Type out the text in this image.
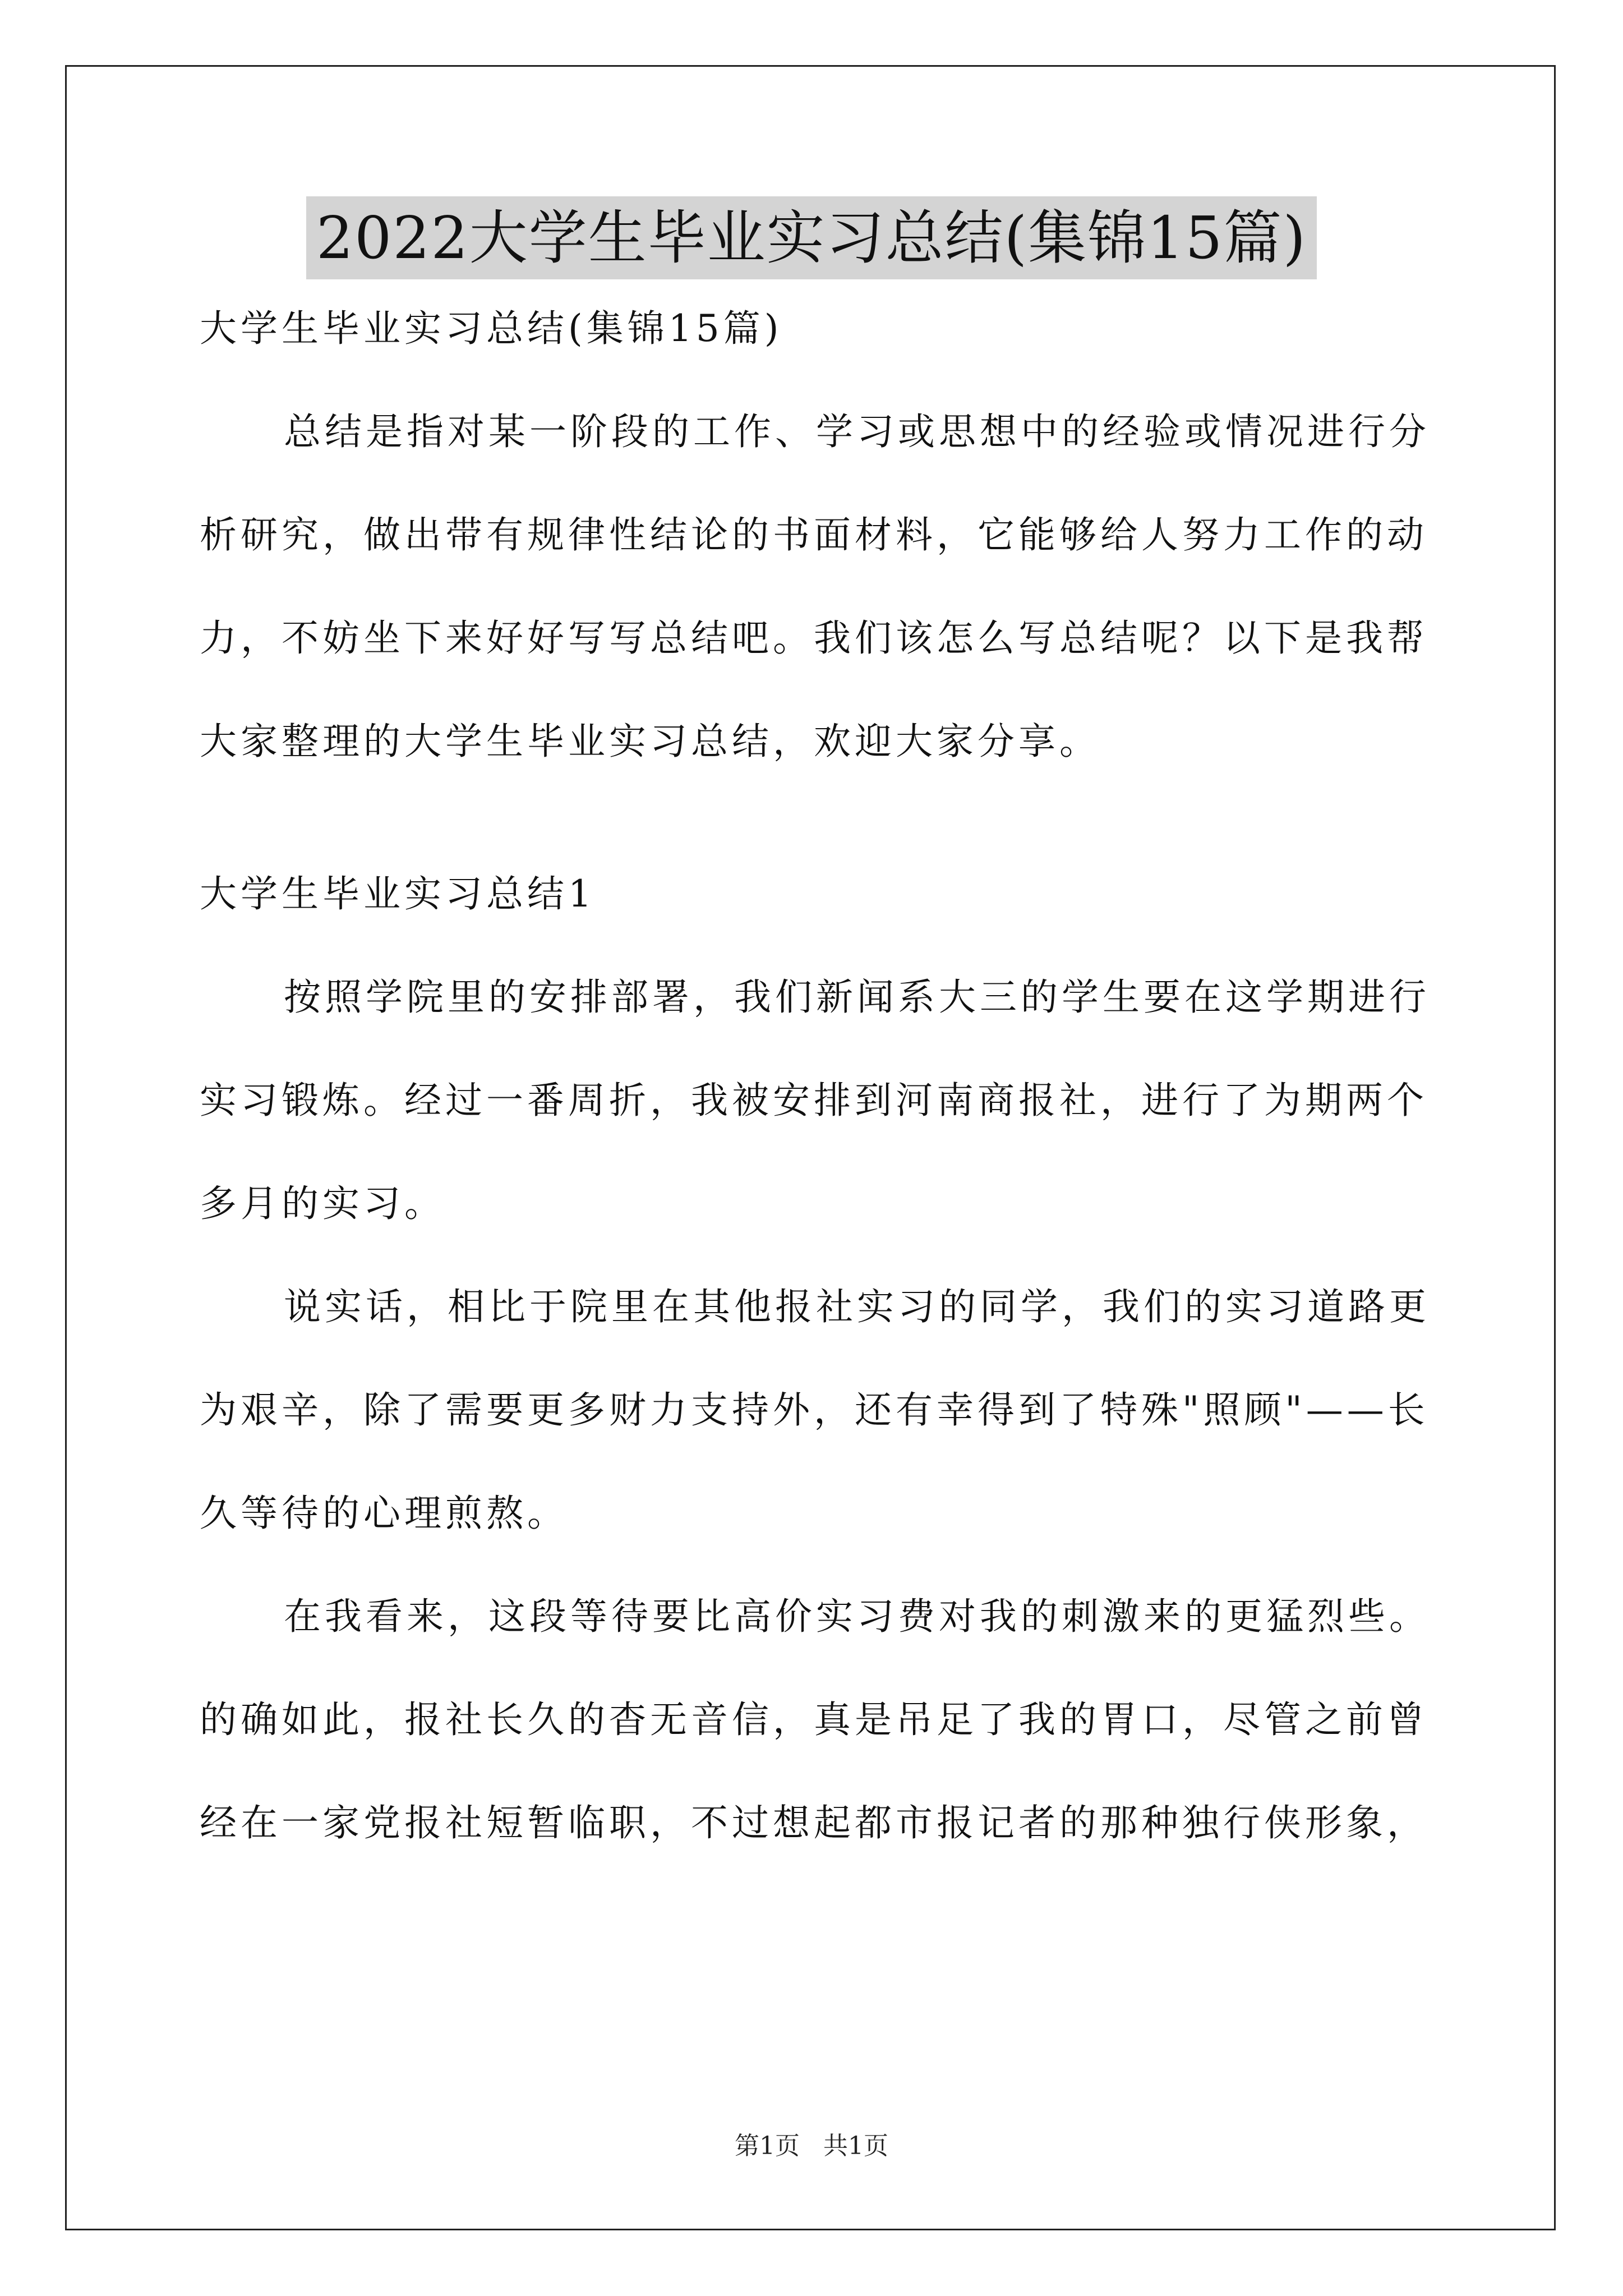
2022大学生毕业实习总结(集锦15篇)
大学生毕业实习总结(集锦15篇)
总结是指对某一阶段的工作、学习或思想中的经验或情况进行分
析研究，做出带有规律性结论的书面材料，它能够给人努力工作的动
力，不妨坐下来好好写写总结吧。我们该怎么写总结呢？以下是我帮
大家整理的大学生毕业实习总结，欢迎大家分享。
大学生毕业实习总结1
按照学院里的安排部署，我们新闻系大三的学生要在这学期进行
实习锻炼。经过一番周折，我被安排到河南商报社，进行了为期两个
多月的实习。
说实话，相比于院里在其他报社实习的同学，我们的实习道路更
为艰辛，除了需要更多财力支持外，还有幸得到了特殊"照顾"——长
久等待的心理煎熬。
在我看来，这段等待要比高价实习费对我的刺激来的更猛烈些。
的确如此，报社长久的杳无音信，真是吊足了我的胃口，尽管之前曾
经在一家党报社短暂临职，不过想起都市报记者的那种独行侠形象，
第1页 共1页
